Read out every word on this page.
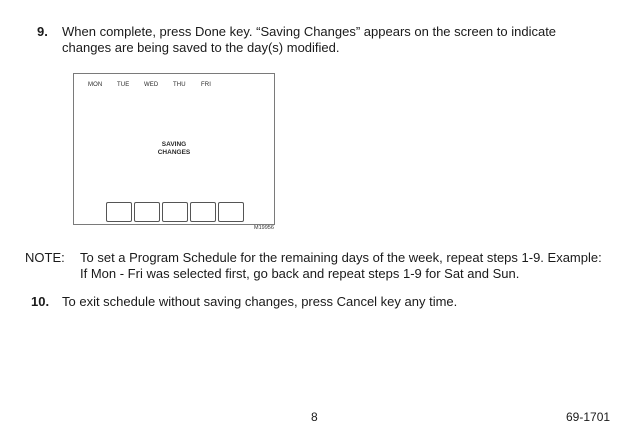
9. When complete, press Done key. “Saving Changes” appears on the screen to indicate
changes are being saved to the day(s) modified.
MON TUE WED THU	FRI
SAVING
CHANGES
M19956
NOTE: To set a Program Schedule for the remaining days of the week, repeat steps 1-9. Example:
If Mon - Fri was selected first, go back and repeat steps 1-9 for Sat and Sun.
10. To exit schedule without saving changes, press Cancel key any time.
8	69-1701
